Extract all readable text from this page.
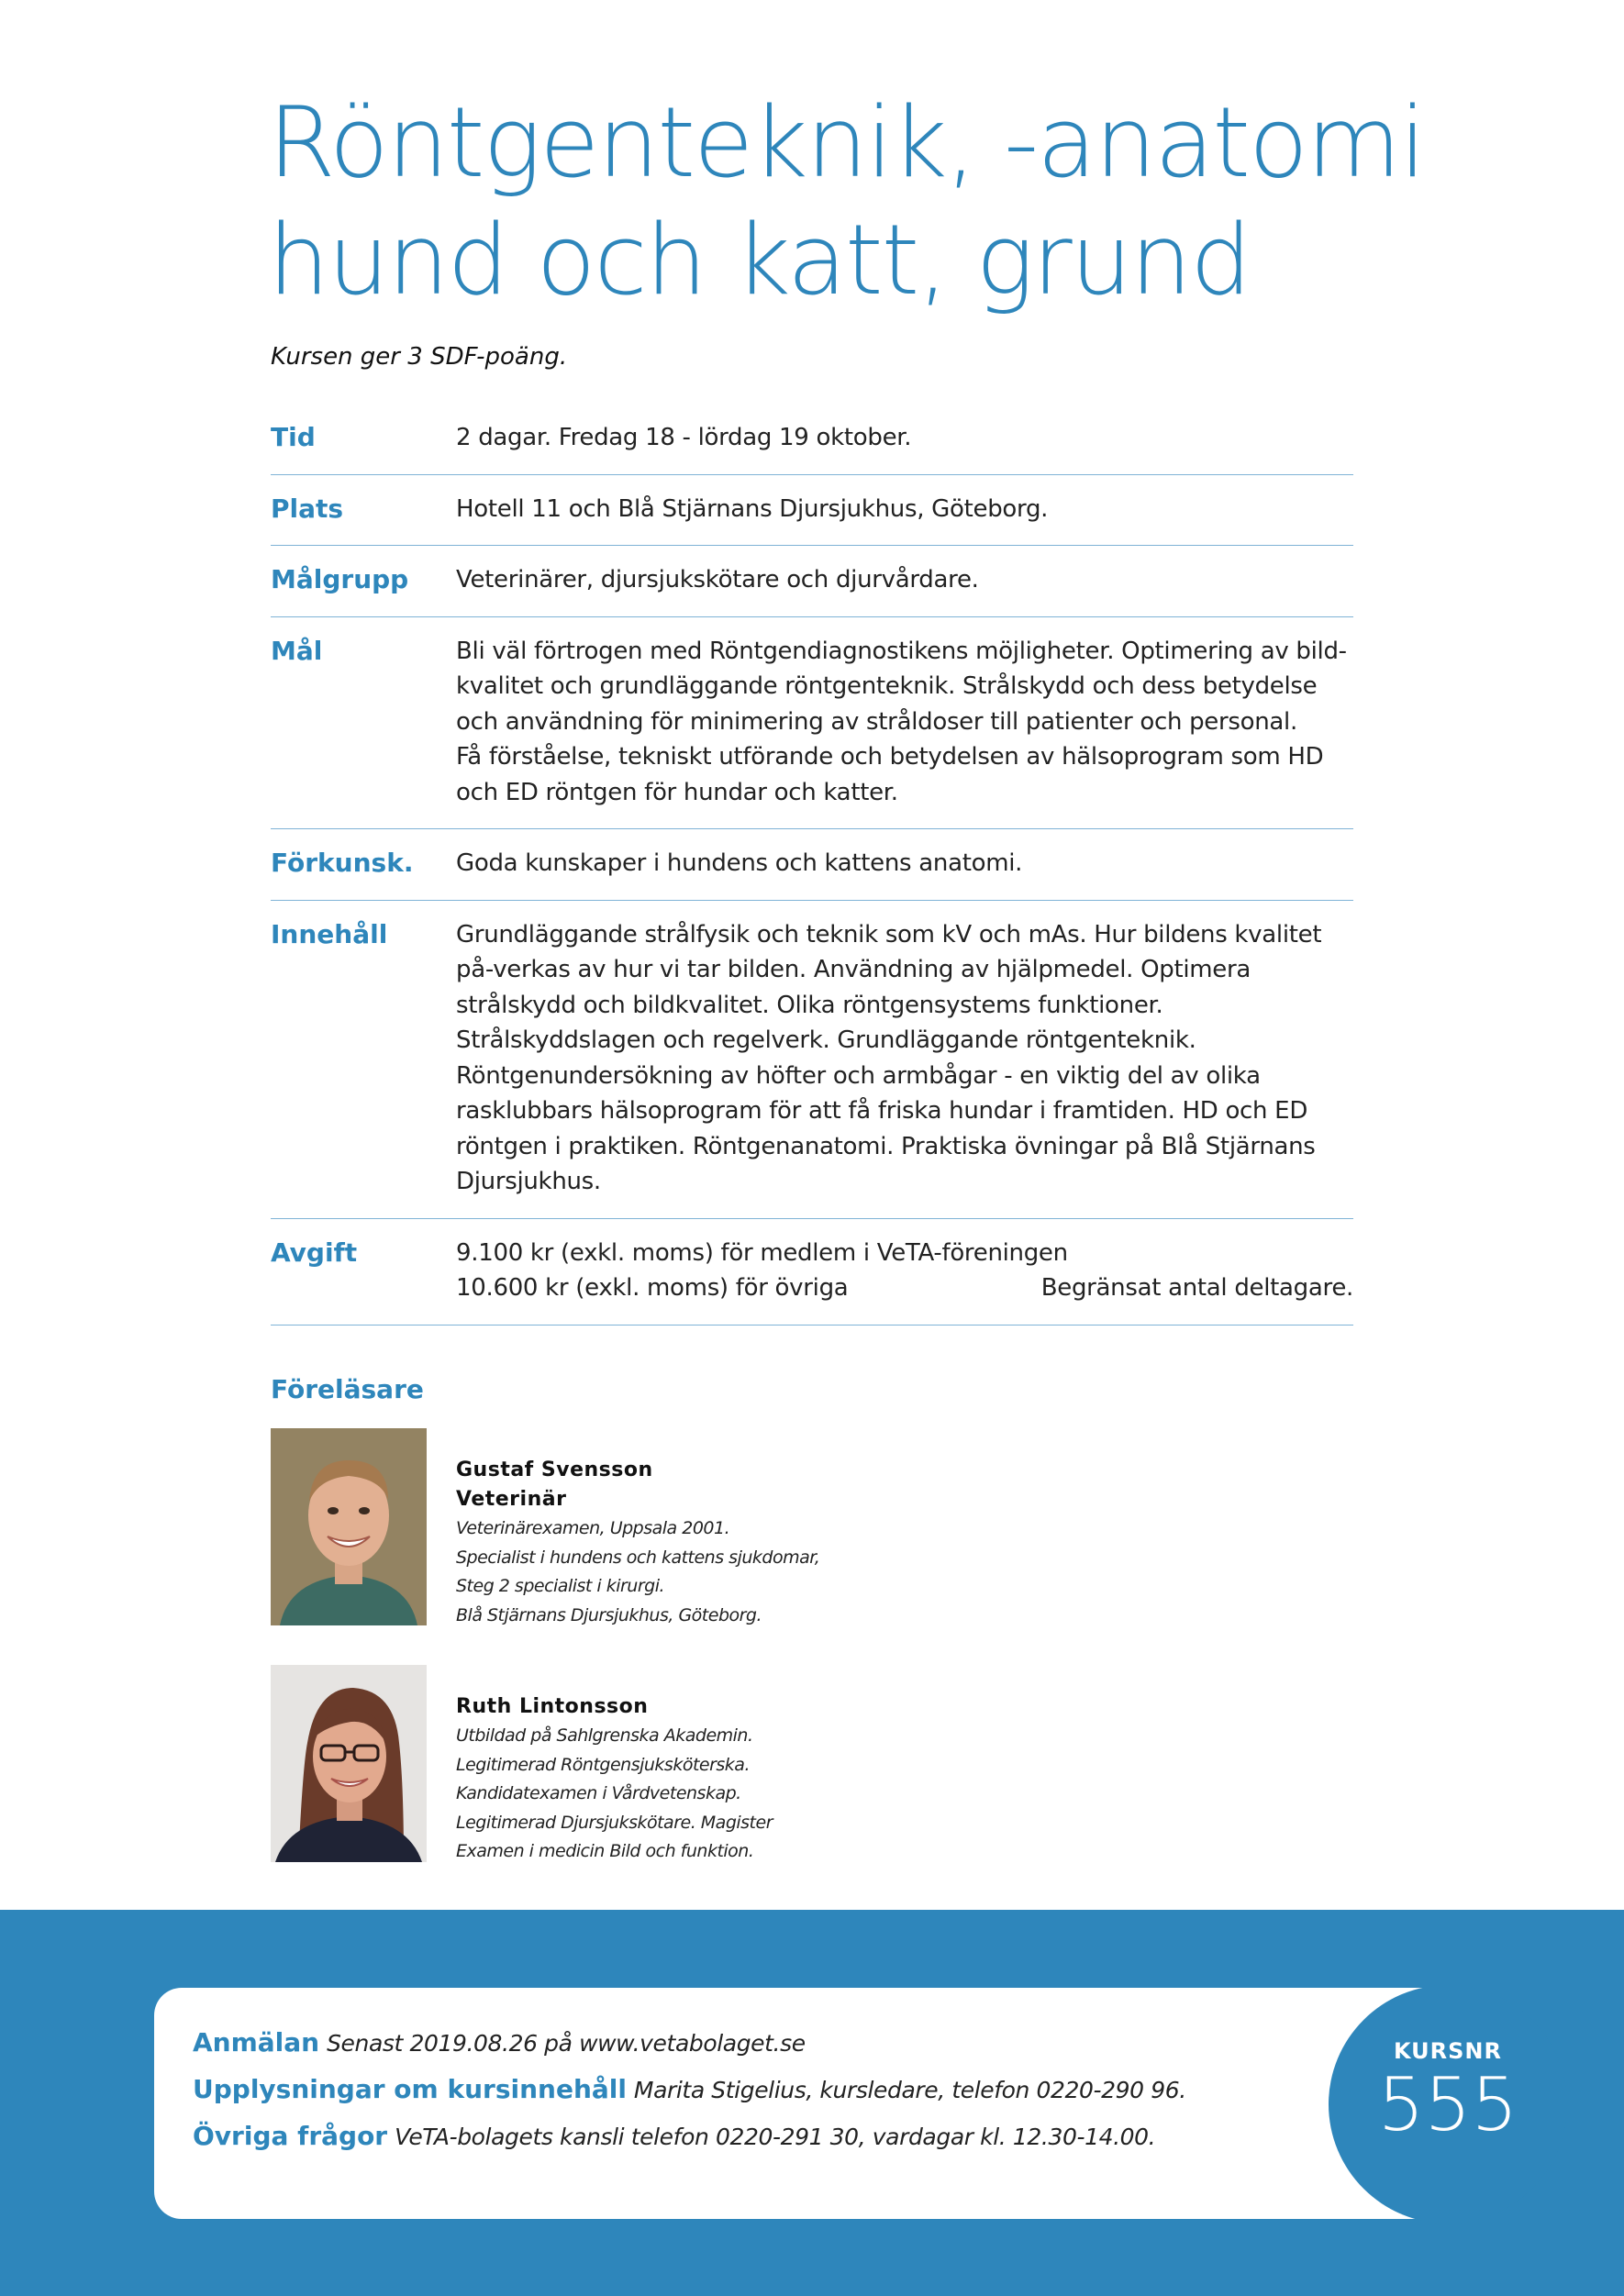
Röntgenteknik, -anatomi
hund och katt, grund
Kursen ger 3 SDF-poäng.
Tid	2 dagar. Fredag 18 - lördag 19 oktober.
Plats	Hotell 11 och Blå Stjärnans Djursjukhus, Göteborg.
Målgrupp	Veterinärer, djursjukskötare och djurvårdare.
Mål	Bli väl förtrogen med Röntgendiagnostikens möjligheter. Optimering av bild-kvalitet och grundläggande röntgenteknik. Strålskydd och dess betydelse och användning för minimering av stråldoser till patienter och personal.

Få förståelse, tekniskt utförande och betydelsen av hälsoprogram som HD och ED röntgen för hundar och katter.

Förkunsk.	Goda kunskaper i hundens och kattens anatomi.
Innehåll	Grundläggande strålfysik och teknik som kV och mAs. Hur bildens kvalitet på-verkas av hur vi tar bilden. Användning av hjälpmedel. Optimera strålskydd och bildkvalitet. Olika röntgensystems funktioner. Strålskyddslagen och regelverk. Grundläggande röntgenteknik. Röntgenundersökning av höfter och armbågar - en viktig del av olika rasklubbars hälsoprogram för att få friska hundar i framtiden. HD och ED röntgen i praktiken. Röntgenanatomi. Praktiska övningar på Blå Stjärnans Djursjukhus.
Avgift	9.100 kr (exkl. moms) för medlem i VeTA-föreningen
10.600 kr (exkl. moms) för övriga	Begränsat antal deltagare.
Föreläsare
Gustaf Svensson
Veterinär
Veterinärexamen, Uppsala 2001.
Specialist i hundens och kattens sjukdomar,
Steg 2 specialist i kirurgi.
Blå Stjärnans Djursjukhus, Göteborg.
Ruth Lintonsson
Utbildad på Sahlgrenska Akademin.
Legitimerad Röntgensjuksköterska.
Kandidatexamen i Vårdvetenskap.
Legitimerad Djursjukskötare. Magister
Examen i medicin Bild och funktion.
Anmälan Senast 2019.08.26 på www.vetabolaget.se
Upplysningar om kursinnehåll Marita Stigelius, kursledare, telefon 0220-290 96.
Övriga frågor VeTA-bolagets kansli telefon 0220-291 30, vardagar kl. 12.30-14.00.
KURSNR
555
